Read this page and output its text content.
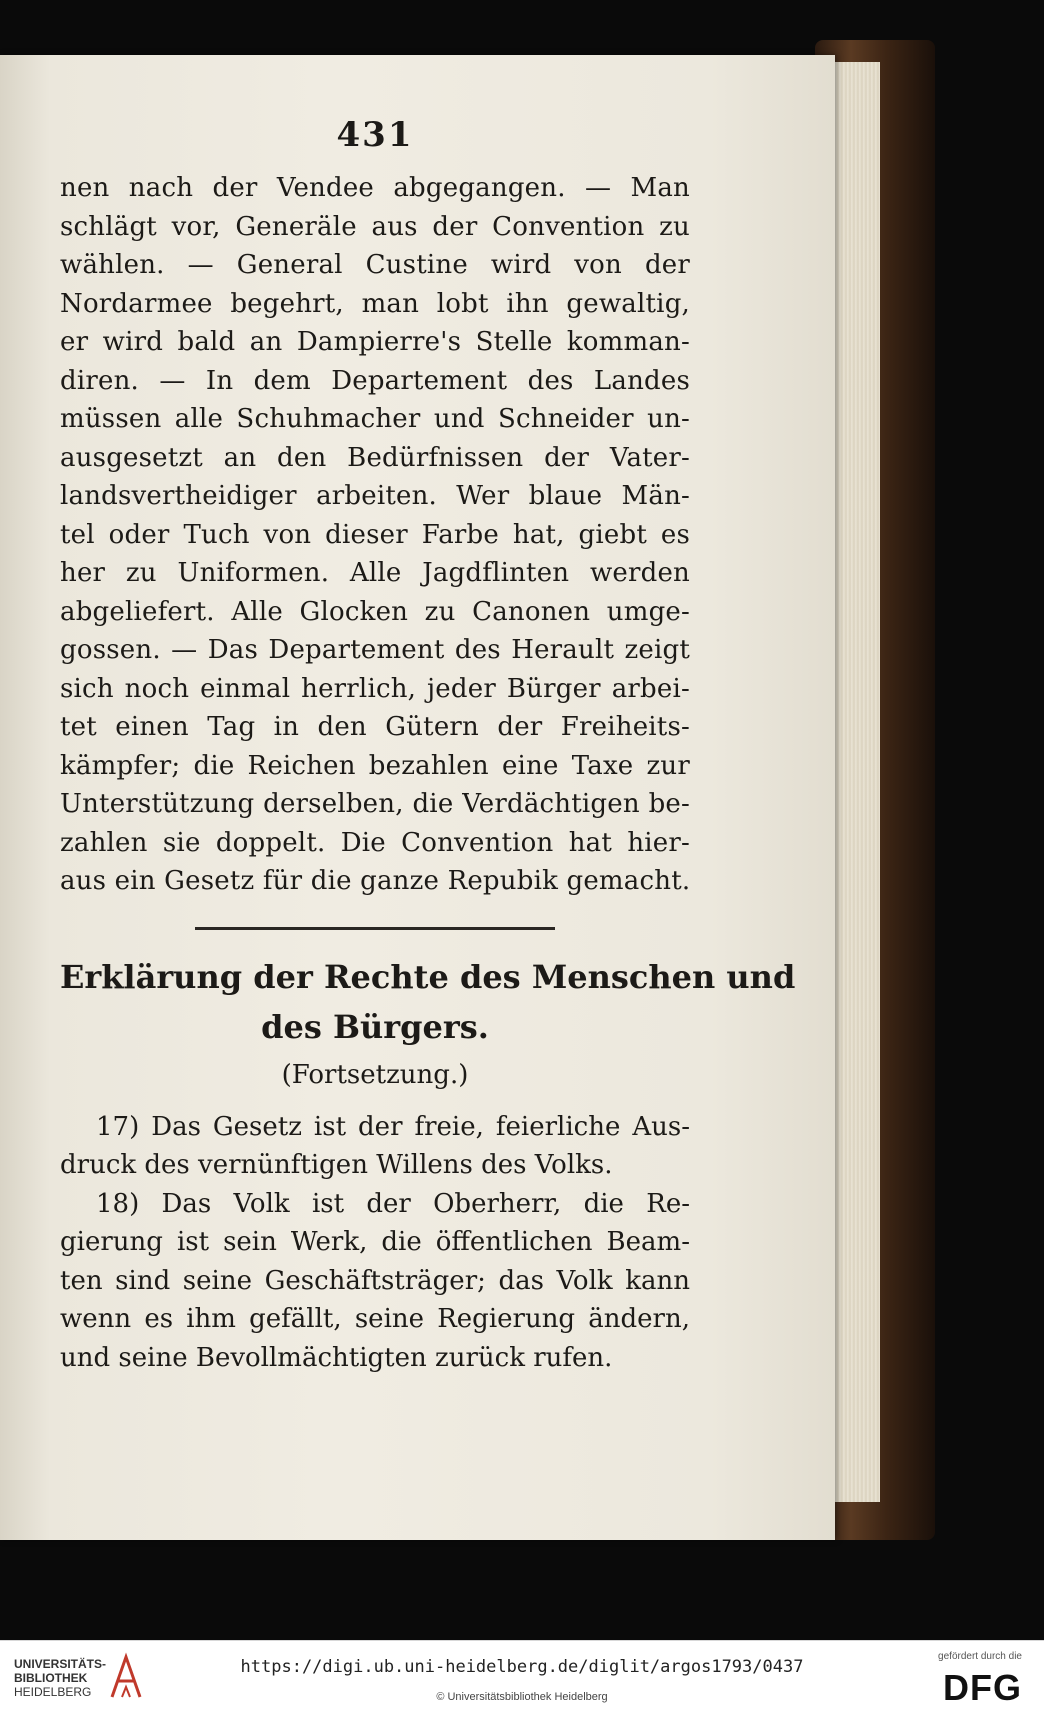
431
nen nach der Vendee abgegangen. — Man
schlägt vor, Generäle aus der Convention zu
wählen. — General Custine wird von der
Nordarmee begehrt, man lobt ihn gewaltig,
er wird bald an Dampierre's Stelle komman-
diren. — In dem Departement des Landes
müssen alle Schuhmacher und Schneider un-
ausgesetzt an den Bedürfnissen der Vater-
landsvertheidiger arbeiten. Wer blaue Män-
tel oder Tuch von dieser Farbe hat, giebt es
her zu Uniformen. Alle Jagdflinten werden
abgeliefert. Alle Glocken zu Canonen umge-
gossen. — Das Departement des Herault zeigt
sich noch einmal herrlich, jeder Bürger arbei-
tet einen Tag in den Gütern der Freiheits-
kämpfer; die Reichen bezahlen eine Taxe zur
Unterstützung derselben, die Verdächtigen be-
zahlen sie doppelt. Die Convention hat hier-
aus ein Gesetz für die ganze Repubik gemacht.
Erklärung der Rechte des Menschen und
des Bürgers.
(Fortsetzung.)
17) Das Gesetz ist der freie, feierliche Aus-
druck des vernünftigen Willens des Volks.
18) Das Volk ist der Oberherr, die Re-
gierung ist sein Werk, die öffentlichen Beam-
ten sind seine Geschäftsträger; das Volk kann
wenn es ihm gefällt, seine Regierung ändern,
und seine Bevollmächtigten zurück rufen.
UNIVERSITÄTS-
BIBLIOTHEK
HEIDELBERG
https://digi.ub.uni-heidelberg.de/diglit/argos1793/0437
© Universitätsbibliothek Heidelberg
gefördert durch die
DFG
